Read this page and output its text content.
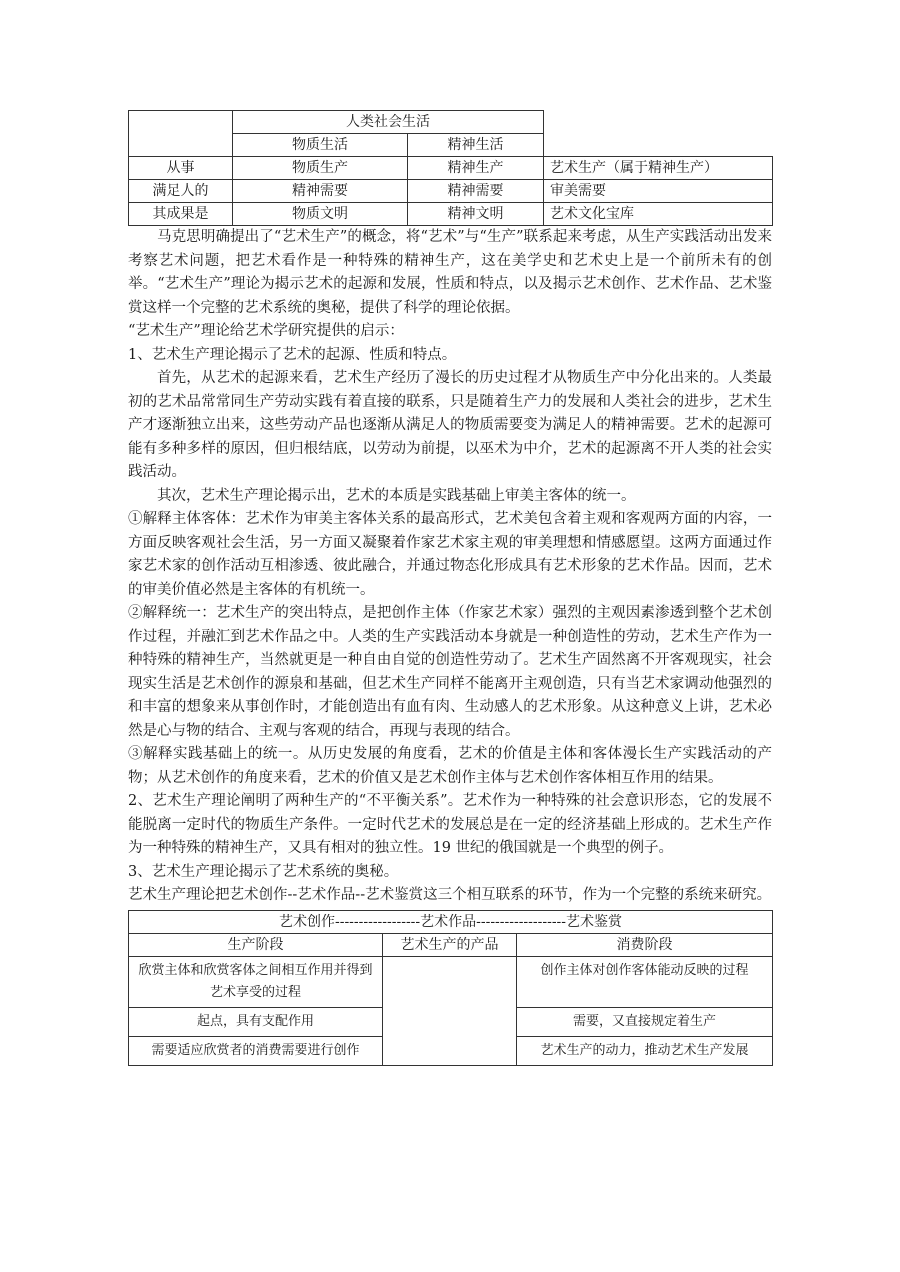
	人类社会生活		
	物质生活	精神生活	
从事	物质生产	精神生产	艺术生产（属于精神生产）
满足人的	精神需要	精神需要	审美需要
其成果是	物质文明	精神文明	艺术文化宝库

马克思明确提出了“艺术生产”的概念，将“艺术”与“生产”联系起来考虑，从生产实践活动出发来考察艺术问题，把艺术看作是一种特殊的精神生产，这在美学史和艺术史上是一个前所未有的创举。“艺术生产”理论为揭示艺术的起源和发展，性质和特点，以及揭示艺术创作、艺术作品、艺术鉴赏这样一个完整的艺术系统的奥秘，提供了科学的理论依据。

“艺术生产”理论给艺术学研究提供的启示：

1、艺术生产理论揭示了艺术的起源、性质和特点。

首先，从艺术的起源来看，艺术生产经历了漫长的历史过程才从物质生产中分化出来的。人类最初的艺术品常常同生产劳动实践有着直接的联系，只是随着生产力的发展和人类社会的进步，艺术生产才逐渐独立出来，这些劳动产品也逐渐从满足人的物质需要变为满足人的精神需要。艺术的起源可能有多种多样的原因，但归根结底，以劳动为前提，以巫术为中介，艺术的起源离不开人类的社会实践活动。

其次，艺术生产理论揭示出，艺术的本质是实践基础上审美主客体的统一。

①解释主体客体：艺术作为审美主客体关系的最高形式，艺术美包含着主观和客观两方面的内容，一方面反映客观社会生活，另一方面又凝聚着作家艺术家主观的审美理想和情感愿望。这两方面通过作家艺术家的创作活动互相渗透、彼此融合，并通过物态化形成具有艺术形象的艺术作品。因而，艺术的审美价值必然是主客体的有机统一。

②解释统一：艺术生产的突出特点，是把创作主体（作家艺术家）强烈的主观因素渗透到整个艺术创作过程，并融汇到艺术作品之中。人类的生产实践活动本身就是一种创造性的劳动，艺术生产作为一种特殊的精神生产，当然就更是一种自由自觉的创造性劳动了。艺术生产固然离不开客观现实，社会现实生活是艺术创作的源泉和基础，但艺术生产同样不能离开主观创造，只有当艺术家调动他强烈的和丰富的想象来从事创作时，才能创造出有血有肉、生动感人的艺术形象。从这种意义上讲，艺术必然是心与物的结合、主观与客观的结合，再现与表现的结合。

③解释实践基础上的统一。从历史发展的角度看，艺术的价值是主体和客体漫长生产实践活动的产物；从艺术创作的角度来看，艺术的价值又是艺术创作主体与艺术创作客体相互作用的结果。

2、艺术生产理论阐明了两种生产的“不平衡关系”。艺术作为一种特殊的社会意识形态，它的发展不能脱离一定时代的物质生产条件。一定时代艺术的发展总是在一定的经济基础上形成的。艺术生产作为一种特殊的精神生产，又具有相对的独立性。19 世纪的俄国就是一个典型的例子。

3、艺术生产理论揭示了艺术系统的奥秘。

艺术生产理论把艺术创作--艺术作品--艺术鉴赏这三个相互联系的环节，作为一个完整的系统来研究。

艺术创作------------------艺术作品-------------------艺术鉴赏		
生产阶段	艺术生产的产品	消费阶段
欣赏主体和欣赏客体之间相互作用并得到艺术享受的过程		创作主体对创作客体能动反映的过程
起点，具有支配作用		需要，又直接规定着生产
需要适应欣赏者的消费需要进行创作		艺术生产的动力，推动艺术生产发展
